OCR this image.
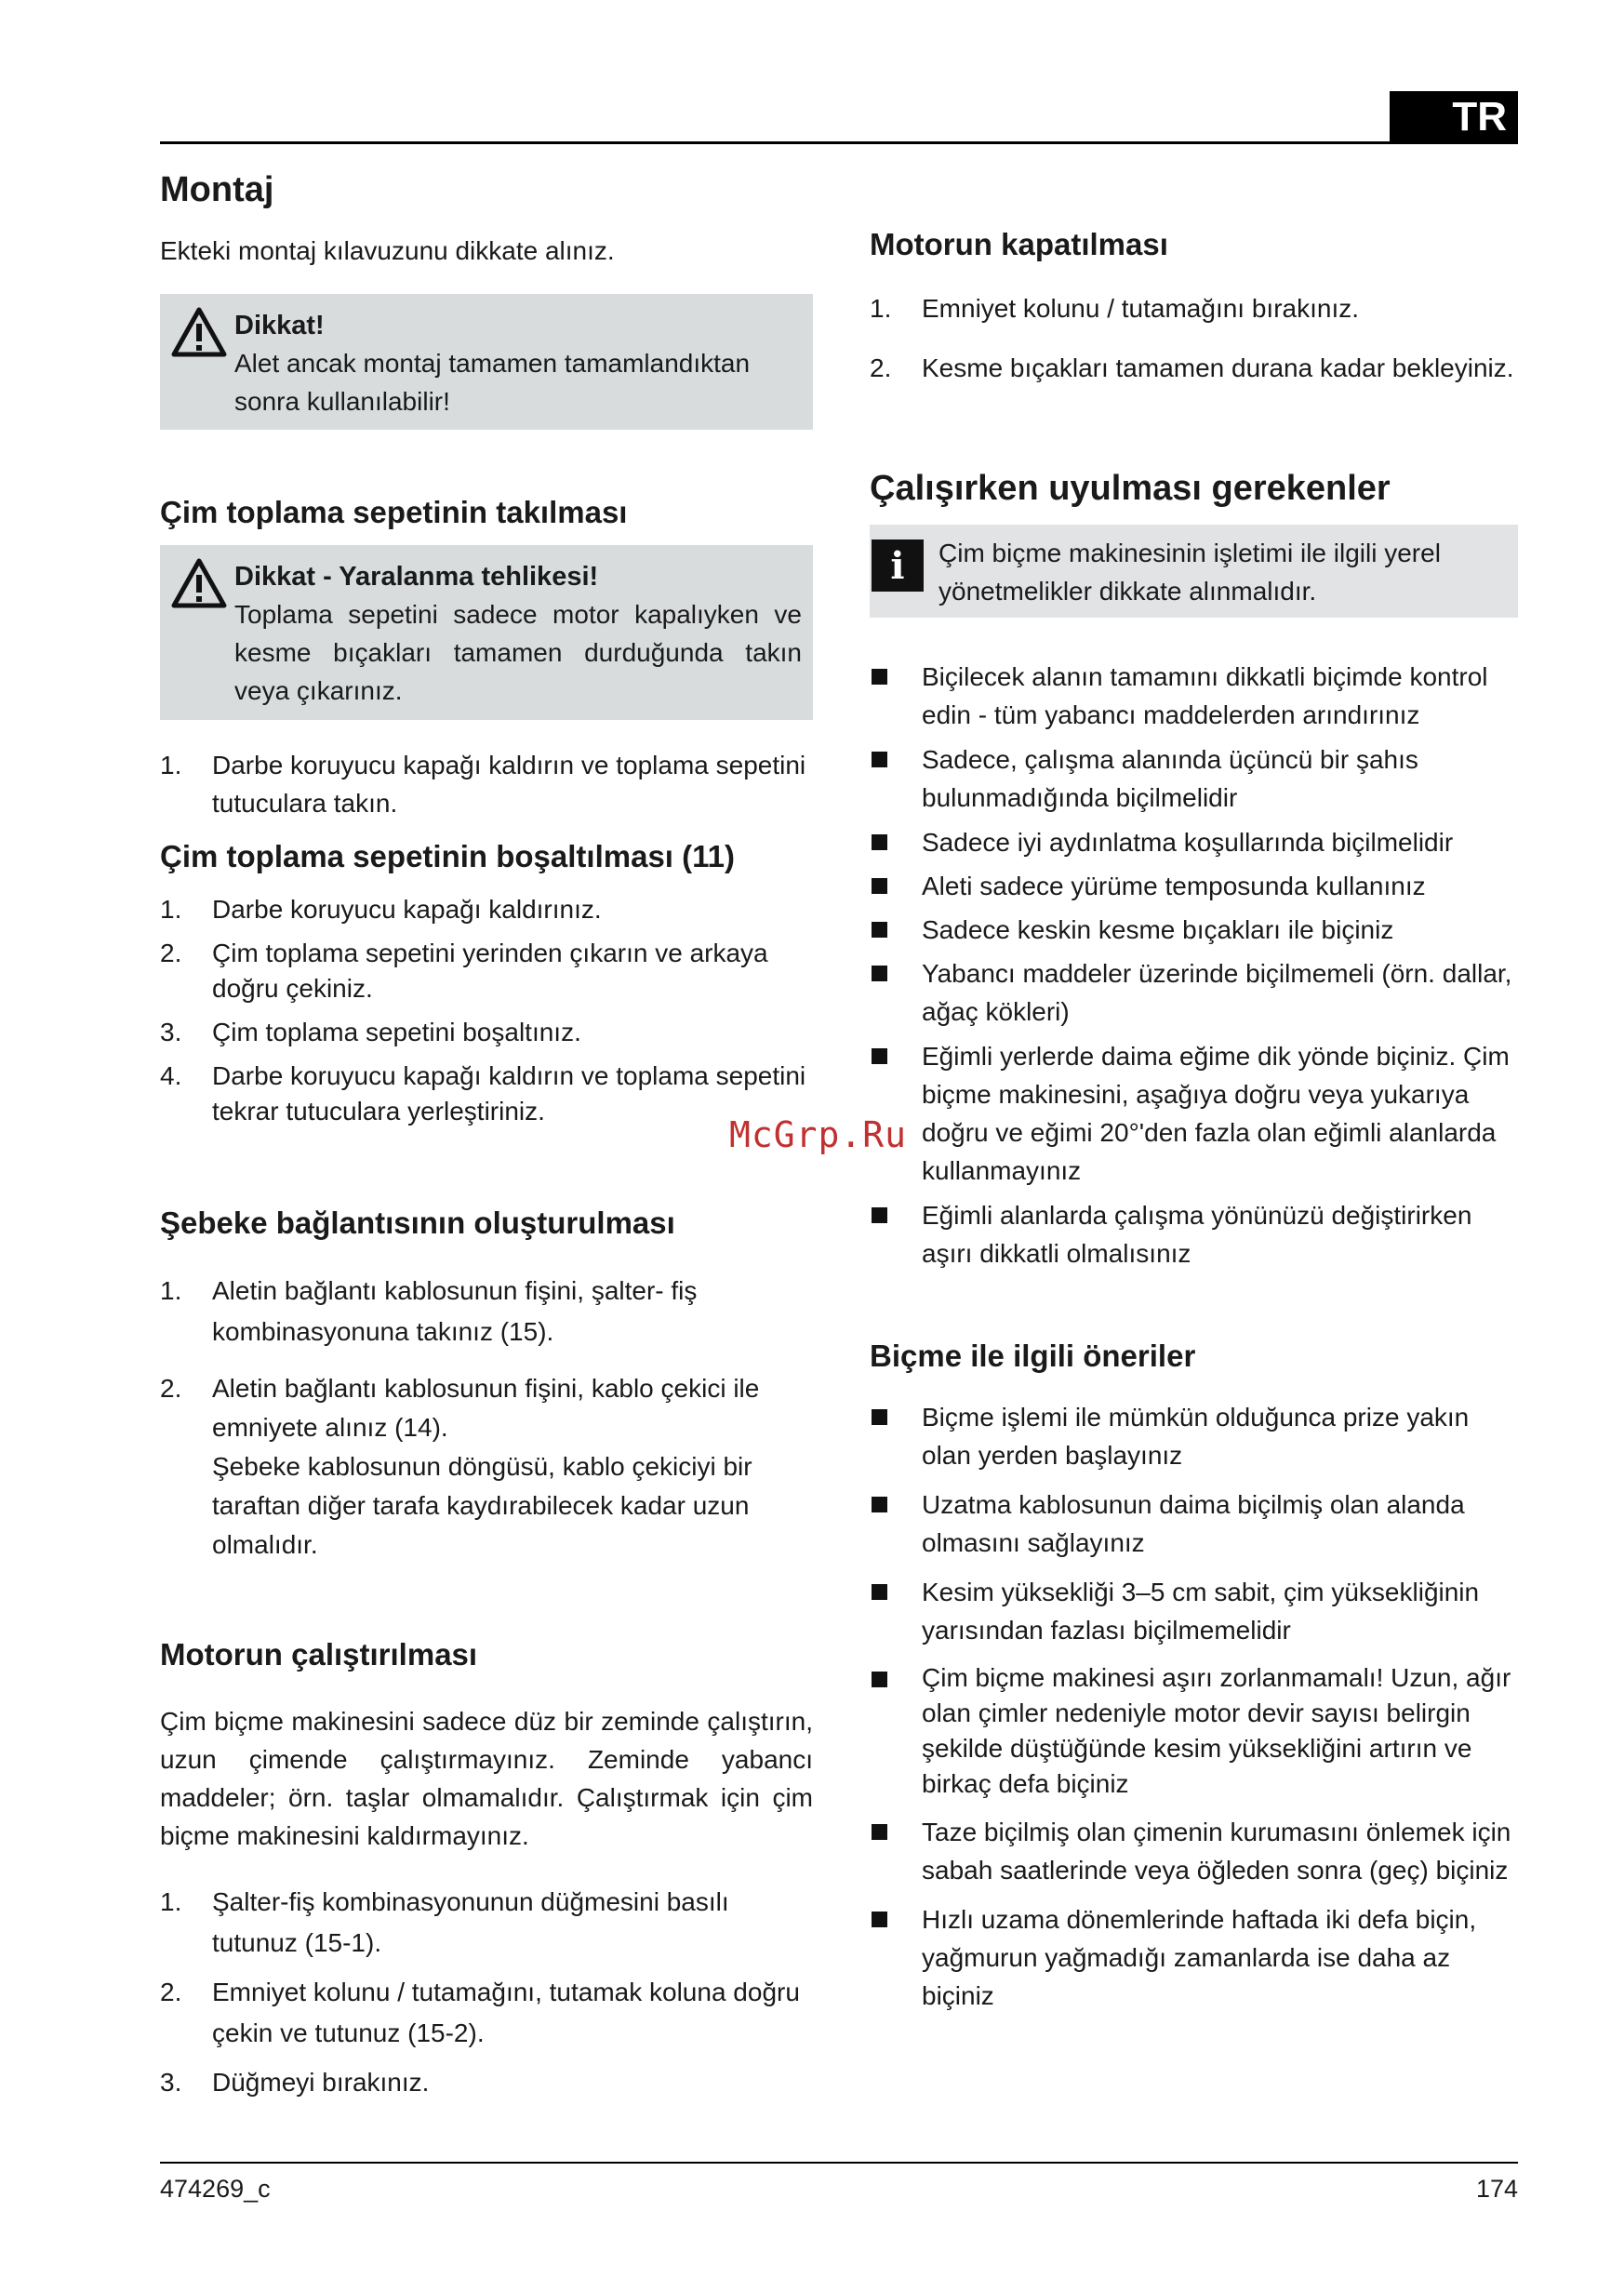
TR
Montaj

Ekteki montaj kılavuzunu dikkate alınız.

Dikkat!
Alet ancak montaj tamamen tamamlandıktan sonra kullanılabilir!
Çim toplama sepetinin takılması
Dikkat - Yaralanma tehlikesi!
Toplama sepetini sadece motor kapalıyken ve kesme bıçakları tamamen durduğunda takın veya çıkarınız.
1. Darbe koruyucu kapağı kaldırın ve toplama sepetini tutuculara takın.
Çim toplama sepetinin boşaltılması (11)
1. Darbe koruyucu kapağı kaldırınız.
2. Çim toplama sepetini yerinden çıkarın ve arkaya doğru çekiniz.
3. Çim toplama sepetini boşaltınız.
4. Darbe koruyucu kapağı kaldırın ve toplama sepetini tekrar tutuculara yerleştiriniz.
Şebeke bağlantısının oluşturulması
1. Aletin bağlantı kablosunun fişini, şalter- fiş kombinasyonuna takınız (15).
2. Aletin bağlantı kablosunun fişini, kablo çekici ile emniyete alınız (14).
Şebeke kablosunun döngüsü, kablo çekiciyi bir taraftan diğer tarafa kaydırabilecek kadar uzun olmalıdır.
Motorun çalıştırılması

Çim biçme makinesini sadece düz bir zeminde çalıştırın, uzun çimende çalıştırmayınız. Zeminde yabancı maddeler; örn. taşlar olmamalıdır. Çalıştırmak için çim biçme makinesini kaldırmayınız.

1. Şalter-fiş kombinasyonunun düğmesini basılı tutunuz (15-1).
2. Emniyet kolunu / tutamağını, tutamak koluna doğru çekin ve tutunuz (15-2).
3. Düğmeyi bırakınız.
Motorun kapatılması
1. Emniyet kolunu / tutamağını bırakınız.
2. Kesme bıçakları tamamen durana kadar bekleyiniz.
Çalışırken uyulması gerekenler
i	Çim biçme makinesinin işletimi ile ilgili yerel yönetmelikler dikkate alınmalıdır.
Biçilecek alanın tamamını dikkatli biçimde kontrol edin - tüm yabancı maddelerden arındırınız
Sadece, çalışma alanında üçüncü bir şahıs bulunmadığında biçilmelidir
Sadece iyi aydınlatma koşullarında biçilmelidir
Aleti sadece yürüme temposunda kullanınız
Sadece keskin kesme bıçakları ile biçiniz
Yabancı maddeler üzerinde biçilmemeli (örn. dallar, ağaç kökleri)
Eğimli yerlerde daima eğime dik yönde biçiniz. Çim biçme makinesini, aşağıya doğru veya yukarıya doğru ve eğimi 20°'den fazla olan eğimli alanlarda kullanmayınız
Eğimli alanlarda çalışma yönünüzü değiştirirken aşırı dikkatli olmalısınız
Biçme ile ilgili öneriler
Biçme işlemi ile mümkün olduğunca prize yakın olan yerden başlayınız
Uzatma kablosunun daima biçilmiş olan alanda olmasını sağlayınız
Kesim yüksekliği 3–5 cm sabit, çim yüksekliğinin yarısından fazlası biçilmemelidir
Çim biçme makinesi aşırı zorlanmamalı! Uzun, ağır olan çimler nedeniyle motor devir sayısı belirgin şekilde düştüğünde kesim yüksekliğini artırın ve birkaç defa biçiniz
Taze biçilmiş olan çimenin kurumasını önlemek için sabah saatlerinde veya öğleden sonra (geç) biçiniz
Hızlı uzama dönemlerinde haftada iki defa biçin, yağmurun yağmadığı zamanlarda ise daha az biçiniz
McGrp.Ru
474269_c	174
